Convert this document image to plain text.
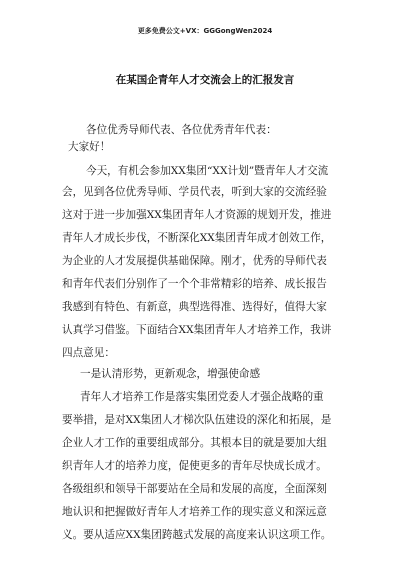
更多免费公文+VX：GGGongWen2024
在某国企青年人才交流会上的汇报发言
各位优秀导师代表、各位优秀青年代表：
大家好！
今天，有机会参加XX集团“XX计划”暨青年人才交流
会，见到各位优秀导师、学员代表，听到大家的交流经验
这对于进一步加强XX集团青年人才资源的规划开发，推进
青年人才成长步伐，不断深化XX集团青年成才创效工作，
为企业的人才发展提供基础保障。刚才，优秀的导师代表
和青年代表们分别作了一个个非常精彩的培养、成长报告
我感到有特色、有新意，典型选得准、选得好，值得大家
认真学习借鉴。下面结合XX集团青年人才培养工作，我讲
四点意见：
一是认清形势，更新观念，增强使命感
青年人才培养工作是落实集团党委人才强企战略的重
要举措，是对XX集团人才梯次队伍建设的深化和拓展，是
企业人才工作的重要组成部分。其根本目的就是要加大组
织青年人才的培养力度，促使更多的青年尽快成长成才。
各级组织和领导干部要站在全局和发展的高度，全面深刻
地认识和把握做好青年人才培养工作的现实意义和深远意
义。要从适应XX集团跨越式发展的高度来认识这项工作。
